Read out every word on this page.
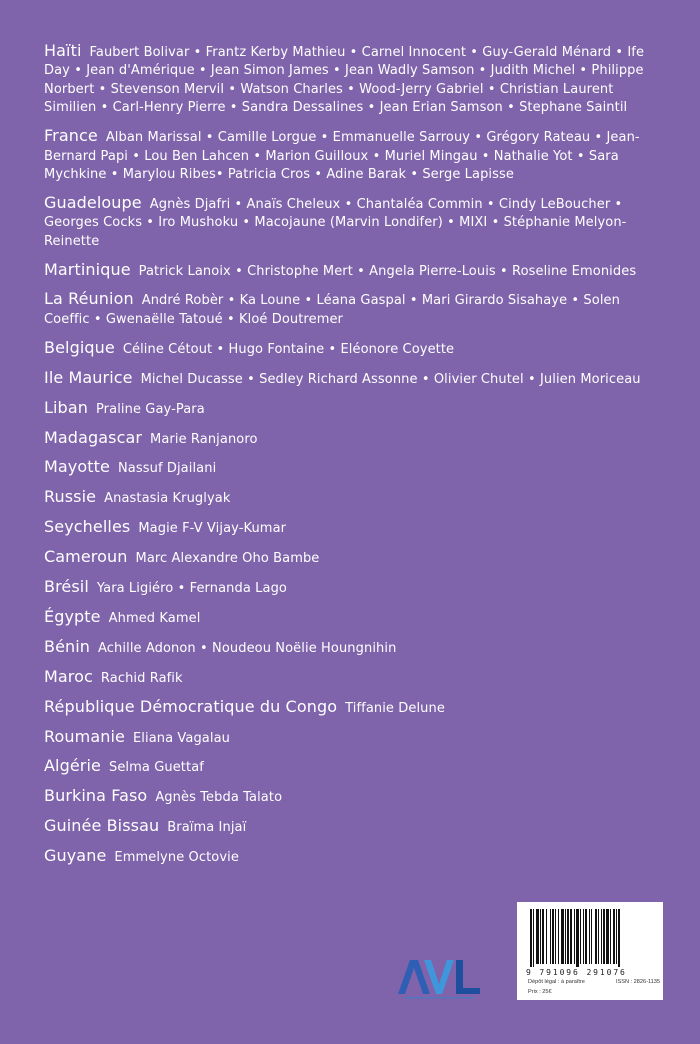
Haïti Faubert Bolivar • Frantz Kerby Mathieu • Carnel Innocent • Guy-Gerald Ménard • Ife Day • Jean d'Amérique • Jean Simon James • Jean Wadly Samson • Judith Michel • Philippe Norbert • Stevenson Mervil • Watson Charles • Wood-Jerry Gabriel • Christian Laurent Similien • Carl-Henry Pierre • Sandra Dessalines • Jean Erian Samson • Stephane Saintil
France Alban Marissal • Camille Lorgue • Emmanuelle Sarrouy • Grégory Rateau • Jean-Bernard Papi • Lou Ben Lahcen • Marion Guilloux • Muriel Mingau • Nathalie Yot • Sara Mychkine • Marylou Ribes• Patricia Cros • Adine Barak • Serge Lapisse
Guadeloupe Agnès Djafri • Anaïs Cheleux • Chantaléa Commin • Cindy LeBoucher • Georges Cocks • Iro Mushoku • Macojaune (Marvin Londifer) • MIXI • Stéphanie Melyon-Reinette
Martinique Patrick Lanoix • Christophe Mert • Angela Pierre-Louis • Roseline Emonides
La Réunion André Robèr • Ka Loune • Léana Gaspal • Mari Girardo Sisahaye • Solen Coeffic • Gwenaëlle Tatoué • Kloé Doutremer
Belgique Céline Cétout • Hugo Fontaine • Eléonore Coyette
Ile Maurice Michel Ducasse • Sedley Richard Assonne • Olivier Chutel • Julien Moriceau
Liban Praline Gay-Para
Madagascar Marie Ranjanoro
Mayotte Nassuf Djailani
Russie Anastasia Kruglyak
Seychelles Magie F-V Vijay-Kumar
Cameroun Marc Alexandre Oho Bambe
Brésil Yara Ligiéro • Fernanda Lago
Égypte Ahmed Kamel
Bénin Achille Adonon • Noudeou Noëlie Houngnihin
Maroc Rachid Rafik
République Démocratique du Congo Tiffanie Delune
Roumanie Eliana Vagalau
Algérie Selma Guettaf
Burkina Faso Agnès Tebda Talato
Guinée Bissau Braïma Injaï
Guyane Emmelyne Octovie
9 791096 291076
Dépôt légal : à paraître	ISSN : 2826-1135
Prix : 25€
